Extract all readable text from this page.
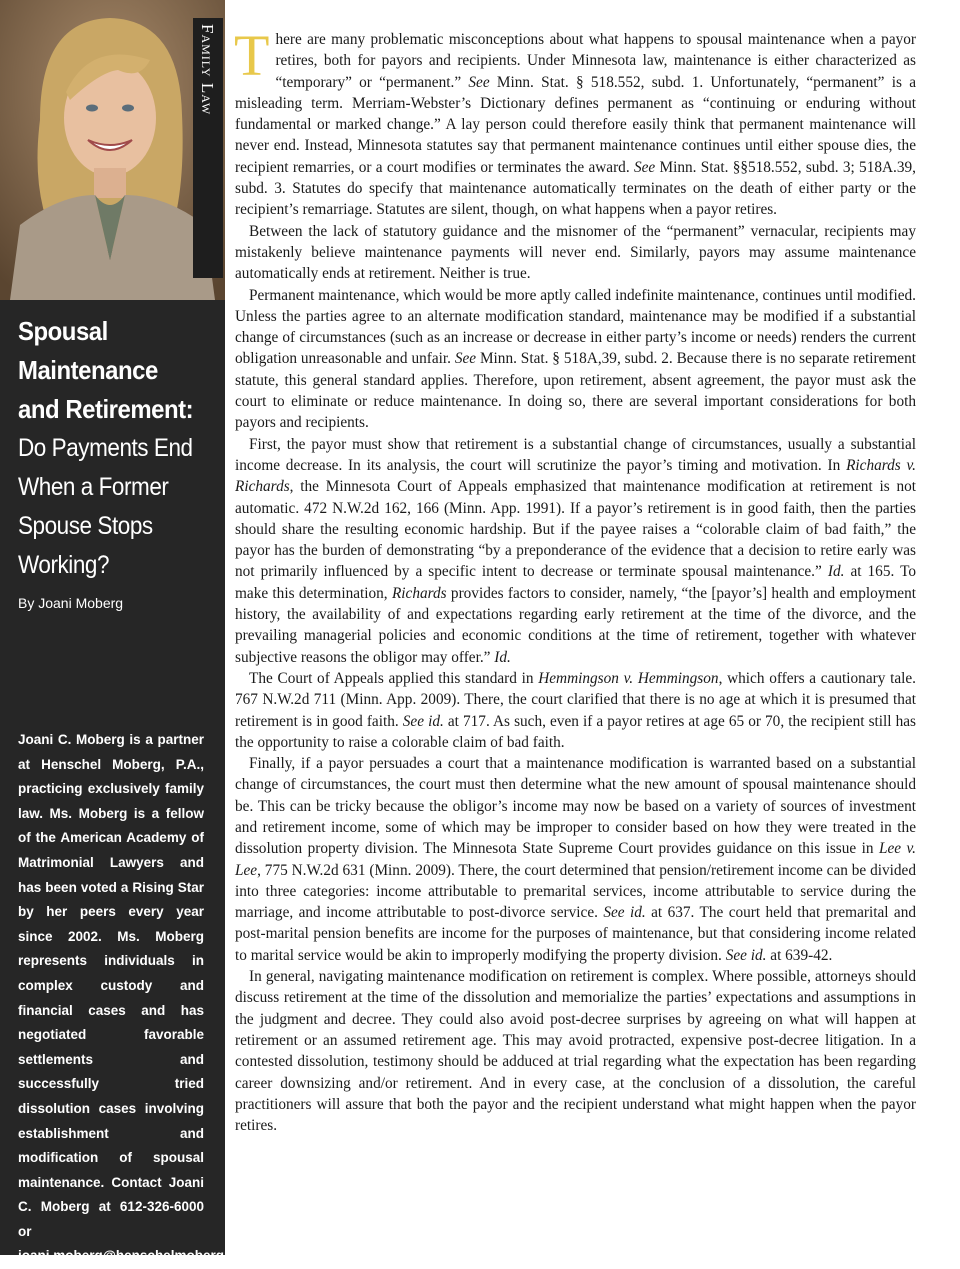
Family Law
Spousal
Maintenance
and Retirement:
Do Payments End
When a Former
Spouse Stops
Working?
By Joani Moberg
Joani C. Moberg is a partner at Henschel Moberg, P.A., practicing exclusively family law. Ms. Moberg is a fellow of the American Academy of Matrimonial Lawyers and has been voted a Rising Star by her peers every year since 2002. Ms. Moberg represents individuals in complex custody and financial cases and has negotiated favorable settlements and successfully tried dissolution cases involving establishment and modification of spousal maintenance. Contact Joani C. Moberg at 612-326-6000 or joani.moberg@henschelmoberg.com

There are many problematic misconceptions about what happens to spousal maintenance when a payor retires, both for payors and recipients. Under Minnesota law, maintenance is either characterized as “temporary” or “permanent.” See Minn. Stat. § 518.552, subd. 1. Unfortunately, “permanent” is a misleading term. Merriam-Webster’s Dictionary defines permanent as “continuing or enduring without fundamental or marked change.” A lay person could therefore easily think that permanent maintenance will never end. Instead, Minnesota statutes say that permanent maintenance continues until either spouse dies, the recipient remarries, or a court modifies or terminates the award. See Minn. Stat. §§518.552, subd. 3; 518A.39, subd. 3. Statutes do specify that maintenance automatically terminates on the death of either party or the recipient’s remarriage. Statutes are silent, though, on what happens when a payor retires.

Between the lack of statutory guidance and the misnomer of the “permanent” vernacular, recipients may mistakenly believe maintenance payments will never end. Similarly, payors may assume maintenance automatically ends at retirement. Neither is true.

Permanent maintenance, which would be more aptly called indefinite maintenance, continues until modified. Unless the parties agree to an alternate modification standard, maintenance may be modified if a substantial change of circumstances (such as an increase or decrease in either party’s income or needs) renders the current obligation unreasonable and unfair. See Minn. Stat. § 518A,39, subd. 2. Because there is no separate retirement statute, this general standard applies. Therefore, upon retirement, absent agreement, the payor must ask the court to eliminate or reduce maintenance. In doing so, there are several important considerations for both payors and recipients.

First, the payor must show that retirement is a substantial change of circumstances, usually a substantial income decrease. In its analysis, the court will scrutinize the payor’s timing and motivation. In Richards v. Richards, the Minnesota Court of Appeals emphasized that maintenance modification at retirement is not automatic. 472 N.W.2d 162, 166 (Minn. App. 1991). If a payor’s retirement is in good faith, then the parties should share the resulting economic hardship. But if the payee raises a “colorable claim of bad faith,” the payor has the burden of demonstrating “by a preponderance of the evidence that a decision to retire early was not primarily influenced by a specific intent to decrease or terminate spousal maintenance.” Id. at 165. To make this determination, Richards provides factors to consider, namely, “the [payor’s] health and employment history, the availability of and expectations regarding early retirement at the time of the divorce, and the prevailing managerial policies and economic conditions at the time of retirement, together with whatever subjective reasons the obligor may offer.” Id.

The Court of Appeals applied this standard in Hemmingson v. Hemmingson, which offers a cautionary tale. 767 N.W.2d 711 (Minn. App. 2009). There, the court clarified that there is no age at which it is presumed that retirement is in good faith. See id. at 717. As such, even if a payor retires at age 65 or 70, the recipient still has the opportunity to raise a colorable claim of bad faith.

Finally, if a payor persuades a court that a maintenance modification is warranted based on a substantial change of circumstances, the court must then determine what the new amount of spousal maintenance should be. This can be tricky because the obligor’s income may now be based on a variety of sources of investment and retirement income, some of which may be improper to consider based on how they were treated in the dissolution property division. The Minnesota State Supreme Court provides guidance on this issue in Lee v. Lee, 775 N.W.2d 631 (Minn. 2009). There, the court determined that pension/retirement income can be divided into three categories: income attributable to premarital services, income attributable to service during the marriage, and income attributable to post-divorce service. See id. at 637. The court held that premarital and post-marital pension benefits are income for the purposes of maintenance, but that considering income related to marital service would be akin to improperly modifying the property division. See id. at 639-42.

In general, navigating maintenance modification on retirement is complex. Where possible, attorneys should discuss retirement at the time of the dissolution and memorialize the parties’ expectations and assumptions in the judgment and decree. They could also avoid post-decree surprises by agreeing on what will happen at retirement or an assumed retirement age. This may avoid protracted, expensive post-decree litigation. In a contested dissolution, testimony should be adduced at trial regarding what the expectation has been regarding career downsizing and/or retirement. And in every case, at the conclusion of a dissolution, the careful practitioners will assure that both the payor and the recipient understand what might happen when the payor retires.
